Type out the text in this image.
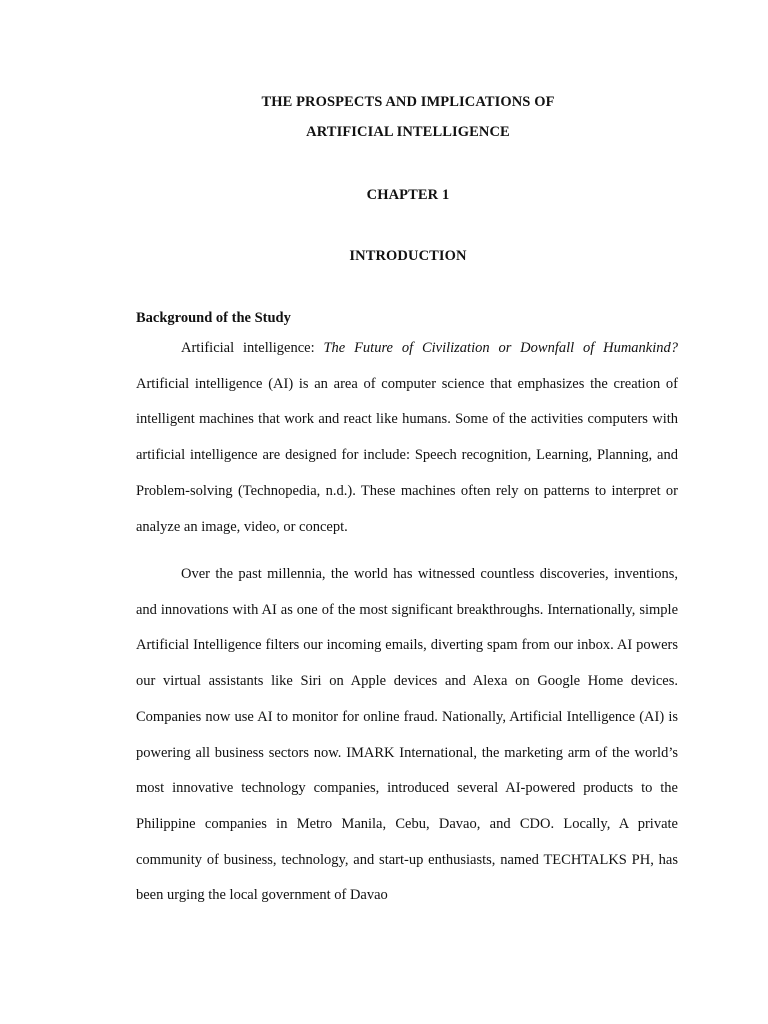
THE PROSPECTS AND IMPLICATIONS OF
ARTIFICIAL INTELLIGENCE
CHAPTER 1
INTRODUCTION
Background of the Study

Artificial intelligence: The Future of Civilization or Downfall of Humankind? Artificial intelligence (AI) is an area of computer science that emphasizes the creation of intelligent machines that work and react like humans. Some of the activities computers with artificial intelligence are designed for include: Speech recognition, Learning, Planning, and Problem-solving (Technopedia, n.d.). These machines often rely on patterns to interpret or analyze an image, video, or concept.

Over the past millennia, the world has witnessed countless discoveries, inventions, and innovations with AI as one of the most significant breakthroughs. Internationally, simple Artificial Intelligence filters our incoming emails, diverting spam from our inbox. AI powers our virtual assistants like Siri on Apple devices and Alexa on Google Home devices. Companies now use AI to monitor for online fraud. Nationally, Artificial Intelligence (AI) is powering all business sectors now. IMARK International, the marketing arm of the world’s most innovative technology companies, introduced several AI-powered products to the Philippine companies in Metro Manila, Cebu, Davao, and CDO. Locally, A private community of business, technology, and start-up enthusiasts, named TECHTALKS PH, has been urging the local government of Davao
